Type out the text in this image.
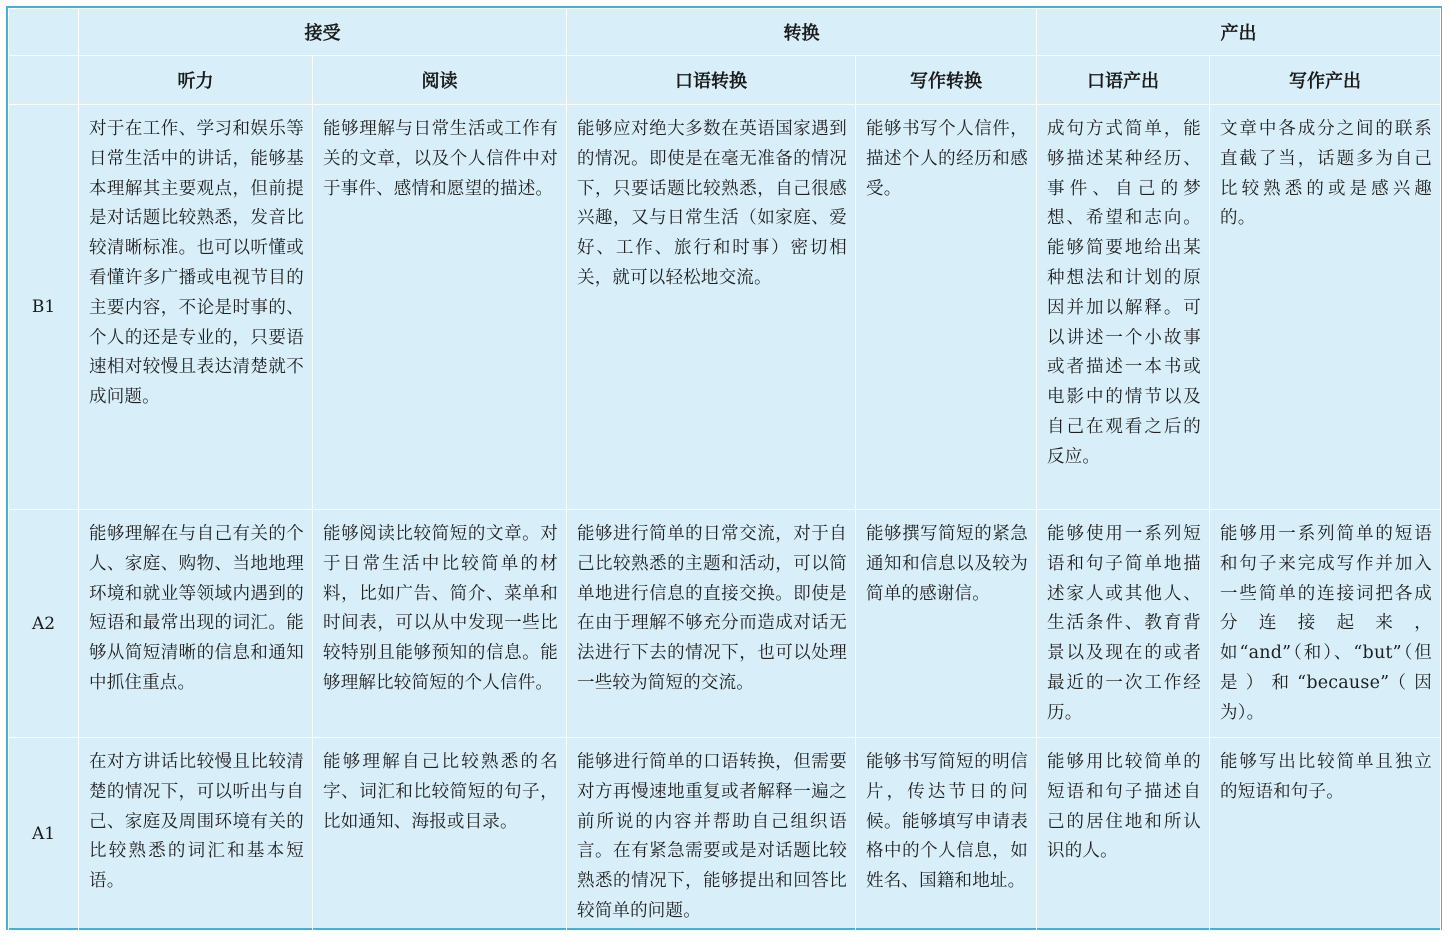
	接受		转换		产出	
	听力	阅读	口语转换	写作转换	口语产出	写作产出
B1	对于在工作、学习和娱乐等日常生活中的讲话，能够基本理解其主要观点，但前提是对话题比较熟悉，发音比较清晰标准。也可以听懂或看懂许多广播或电视节目的主要内容，不论是时事的、个人的还是专业的，只要语速相对较慢且表达清楚就不成问题。	能够理解与日常生活或工作有关的文章，以及个人信件中对于事件、感情和愿望的描述。	能够应对绝大多数在英语国家遇到的情况。即使是在毫无准备的情况下，只要话题比较熟悉，自己很感兴趣，又与日常生活（如家庭、爱好、工作、旅行和时事）密切相关，就可以轻松地交流。	能够书写个人信件，描述个人的经历和感受。	成句方式简单，能够描述某种经历、事件、自己的梦想、希望和志向。能够简要地给出某种想法和计划的原因并加以解释。可以讲述一个小故事或者描述一本书或电影中的情节以及自己在观看之后的反应。	文章中各成分之间的联系直截了当，话题多为自己比较熟悉的或是感兴趣的。
A2	能够理解在与自己有关的个人、家庭、购物、当地地理环境和就业等领域内遇到的短语和最常出现的词汇。能够从简短清晰的信息和通知中抓住重点。	能够阅读比较简短的文章。对于日常生活中比较简单的材料，比如广告、简介、菜单和时间表，可以从中发现一些比较特别且能够预知的信息。能够理解比较简短的个人信件。	能够进行简单的日常交流，对于自己比较熟悉的主题和活动，可以简单地进行信息的直接交换。即使是在由于理解不够充分而造成对话无法进行下去的情况下，也可以处理一些较为简短的交流。	能够撰写简短的紧急通知和信息以及较为简单的感谢信。	能够使用一系列短语和句子简单地描述家人或其他人、生活条件、教育背景以及现在的或者最近的一次工作经历。	能够用一系列简单的短语和句子来完成写作并加入一些简单的连接词把各成分连接起来，如“and”（和）、“but”（但是）和“because”（因为）。
A1	在对方讲话比较慢且比较清楚的情况下，可以听出与自己、家庭及周围环境有关的比较熟悉的词汇和基本短语。	能够理解自己比较熟悉的名字、词汇和比较简短的句子，比如通知、海报或目录。	能够进行简单的口语转换，但需要对方再慢速地重复或者解释一遍之前所说的内容并帮助自己组织语言。在有紧急需要或是对话题比较熟悉的情况下，能够提出和回答比较简单的问题。	能够书写简短的明信片，传达节日的问候。能够填写申请表格中的个人信息，如姓名、国籍和地址。	能够用比较简单的短语和句子描述自己的居住地和所认识的人。	能够写出比较简单且独立的短语和句子。
